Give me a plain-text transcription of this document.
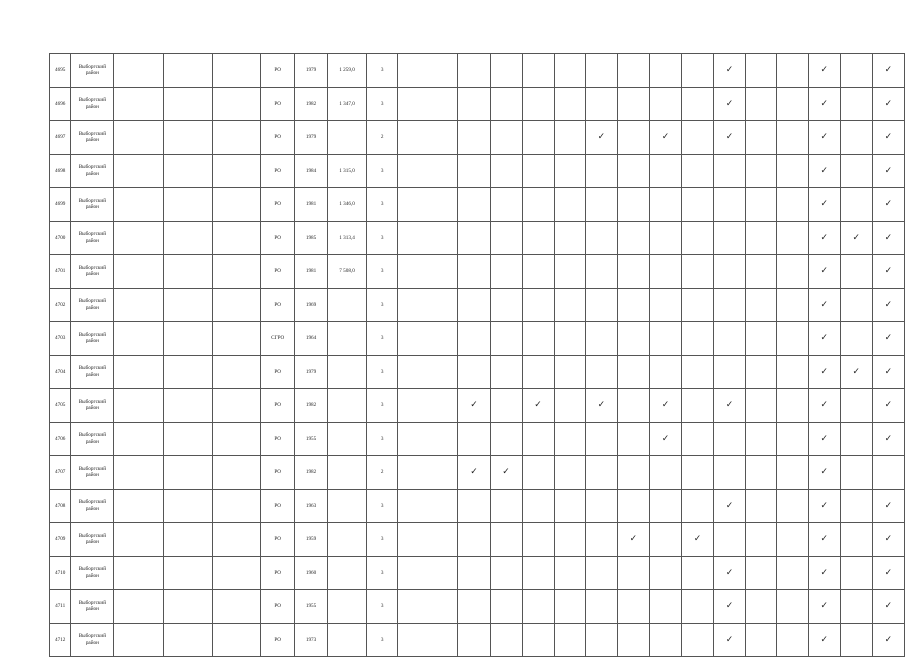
4695	Выборгский район				PO	1979	1 259,0	3										✓			✓		✓
4696	Выборгский район				PO	1982	1 347,0	3										✓			✓		✓
4697	Выборгский район				PO	1979		2						✓		✓		✓			✓		✓
4698	Выборгский район				PO	1984	1 315,0	3													✓		✓
4699	Выборгский район				PO	1981	1 346,0	3													✓		✓
4700	Выборгский район				PO	1985	1 313,4	3													✓	✓	✓
4701	Выборгский район				PO	1981	7 508,0	3													✓		✓
4702	Выборгский район				PO	1969		3													✓		✓
4703	Выборгский район				СГРО	1964		3													✓		✓
4704	Выборгский район				PO	1979		3													✓	✓	✓
4705	Выборгский район				PO	1982		3		✓		✓		✓		✓		✓			✓		✓
4706	Выборгский район				PO	1955		3								✓					✓		✓
4707	Выборгский район				PO	1982		2		✓	✓										✓		
4708	Выборгский район				PO	1963		3										✓			✓		✓
4709	Выборгский район				PO	1959		3							✓		✓				✓		✓
4710	Выборгский район				PO	1960		3										✓			✓		✓
4711	Выборгский район				PO	1955		3										✓			✓		✓
4712	Выборгский район				PO	1973		3										✓			✓		✓
